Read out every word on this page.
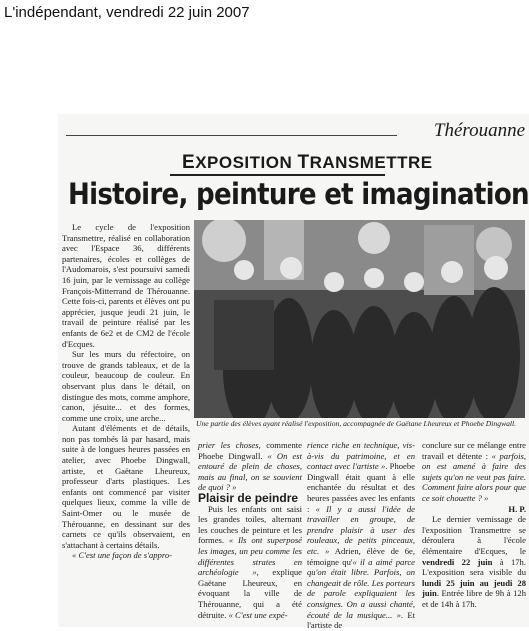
L'indépendant, vendredi 22 juin 2007
Thérouanne
EXPOSITION TRANSMETTRE
Histoire, peinture et imagination

Le cycle de l'exposition Transmettre, réalisé en collaboration avec l'Espace 36, différents partenaires, écoles et collèges de l'Audomarois, s'est poursuivi samedi 16 juin, par le vernissage au collège François-Mitterrand de Thérouanne. Cette fois-ci, parents et élèves ont pu apprécier, jusque jeudi 21 juin, le travail de peinture réalisé par les enfants de 6e2 et de CM2 de l'école d'Ecques.

Sur les murs du réfectoire, on trouve de grands tableaux, et de la couleur, beaucoup de couleur. En observant plus dans le détail, on distingue des mots, comme amphore, canon, jésuite... et des formes, comme une croix, une arche...

Autant d'éléments et de détails, non pas tombés là par hasard, mais suite à de longues heures passées en atelier, avec Phoebe Dingwall, artiste, et Gaëtane Lheureux, professeur d'arts plastiques. Les enfants ont commencé par visiter quelques lieux, comme la ville de Saint-Omer ou le musée de Thérouanne, en dessinant sur des carnets ce qu'ils observaient, en s'attachant à certains détails.

« C'est une façon de s'appro-

Une partie des élèves ayant réalisé l'exposition, accompagnée de Gaëtane Lheureux et Phoebe Dingwall.

prier les choses, commente Phoebe Dingwall. « On est entouré de plein de choses, mais au final, on se souvient de quoi ? »

Plaisir de peindre

Puis les enfants ont saisi les grandes toiles, alternant les couches de peinture et les formes. « Ils ont superposé les images, un peu comme les différentes strates en archéologie », explique Gaëtane Lheureux, en évoquant la ville de Thérouanne, qui a été détruite. « C'est une expé-

rience riche en technique, vis-à-vis du patrimoine, et en contact avec l'artiste ». Phoebe Dingwall était quant à elle enchantée du résultat et des heures passées avec les enfants : « Il y a aussi l'idée de travailler en groupe, de prendre plaisir à user des rouleaux, de petits pinceaux, etc. » Adrien, élève de 6e, témoigne qu'« il a aimé parce qu'on était libre. Parfois, on changeait de rôle. Les porteurs de parole expliquaient les consignes. On a aussi chanté, écouté de la musique... ». Et l'artiste de

conclure sur ce mélange entre travail et détente : « parfois, on est amené à faire des sujets qu'on ne veut pas faire. Comment faire alors pour que ce soit chouette ? »

H. P.

Le dernier vernissage de l'exposition Transmettre se déroulera à l'école élémentaire d'Ecques, le vendredi 22 juin à 17h. L'exposition sera visible du lundi 25 juin au jeudi 28 juin. Entrée libre de 9h à 12h et de 14h à 17h.
